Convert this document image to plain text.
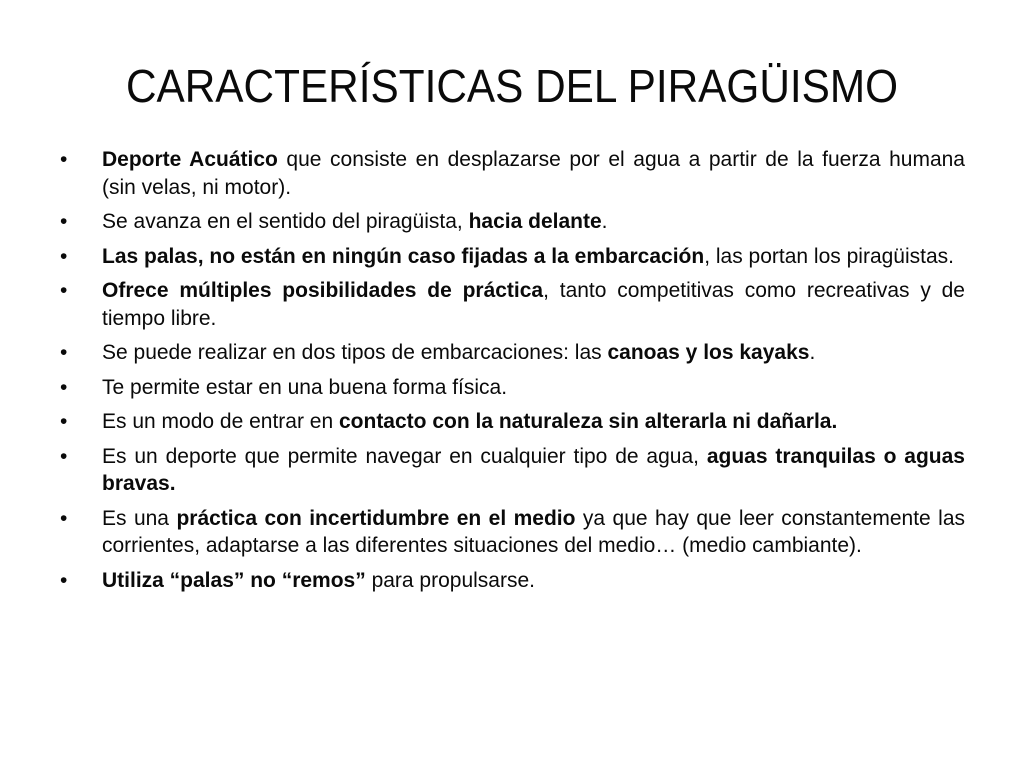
CARACTERÍSTICAS DEL PIRAGÜISMO
•	Deporte Acuático que consiste en desplazarse por el agua a partir de la fuerza humana (sin velas, ni motor).
•	Se avanza en el sentido del piragüista, hacia delante.
•	Las palas, no están en ningún caso fijadas a la embarcación, las portan los piragüistas.
•	Ofrece múltiples posibilidades de práctica, tanto competitivas como recreativas y de tiempo libre.
•	Se puede realizar en dos tipos de embarcaciones: las canoas y los kayaks.
•	Te permite estar en una buena forma física.
•	Es un modo de entrar en contacto con la naturaleza sin alterarla ni dañarla.
•	Es un deporte que permite navegar en cualquier tipo de agua, aguas tranquilas o aguas bravas.
•	Es una práctica con incertidumbre en el medio ya que hay que leer constantemente las corrientes, adaptarse a las diferentes situaciones del medio… (medio cambiante).
•	Utiliza “palas” no “remos” para propulsarse.
